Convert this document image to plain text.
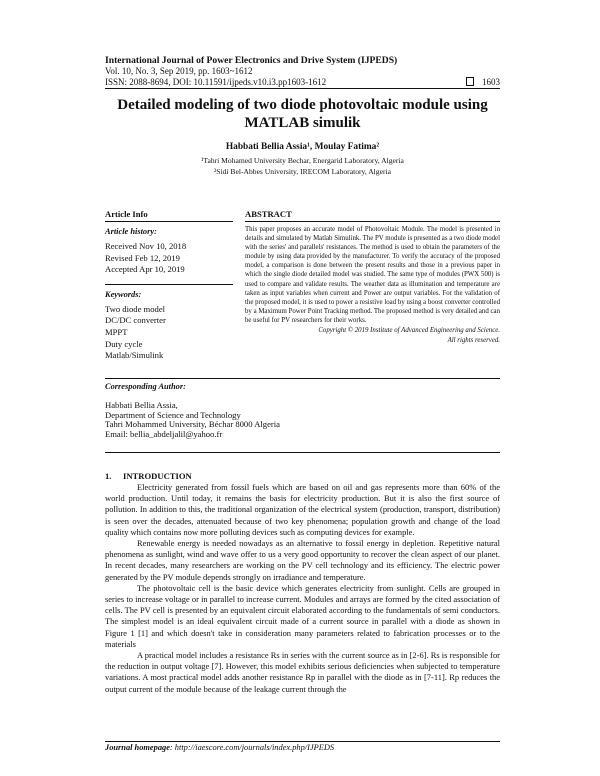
International Journal of Power Electronics and Drive System (IJPEDS)
Vol. 10, No. 3, Sep 2019, pp. 1603~1612
ISSN: 2088-8694, DOI: 10.11591/ijpeds.v10.i3.pp1603-1612	1603
Detailed modeling of two diode photovoltaic module using
MATLAB simulik
Habbati Bellia Assia¹, Moulay Fatima²
¹Tahri Mohamed University Bechar, Energarid Laboratory, Algeria
²Sidi Bel-Abbes University, IRECOM Laboratory, Algeria
Article Info
Article history:
Received Nov 10, 2018
Revised Feb 12, 2019
Accepted Apr 10, 2019
Keywords:
Two diode model
DC/DC converter
MPPT
Duty cycle
Matlab/Simulink
ABSTRACT
This paper proposes an accurate model of Photovoltaic Module. The model is presented in details and simulated by Matlab Simulink. The PV module is presented as a two diode model with the series' and parallels' resistances. The method is used to obtain the parameters of the module by using data provided by the manufacturer. To verify the accuracy of the proposed model, a comparison is done between the present results and those in a previous paper in which the single diode detailed model was studied. The same type of modules (PWX 500) is used to compare and validate results. The weather data as illumination and temperature are taken as input variables when current and Power are output variables. For the validation of the proposed model, it is used to power a resistive load by using a boost converter controlled by a Maximum Power Point Tracking method. The proposed method is very detailed and can be useful for PV researchers for their works.
Copyright © 2019 Institute of Advanced Engineering and Science.
All rights reserved.
Corresponding Author:
Habbati Bellia Assia,
Department of Science and Technology
Tahri Mohammed University, Béchar 8000 Algeria
Email: bellia_abdeljalil@yahoo.fr
1. INTRODUCTION

Electricity generated from fossil fuels which are based on oil and gas represents more than 60% of the world production. Until today, it remains the basis for electricity production. But it is also the first source of pollution. In addition to this, the traditional organization of the electrical system (production, transport, distribution) is seen over the decades, attenuated because of two key phenomena; population growth and change of the load quality which contains now more polluting devices such as computing devices for example.

Renewable energy is needed nowadays as an alternative to fossil energy in depletion. Repetitive natural phenomena as sunlight, wind and wave offer to us a very good opportunity to recover the clean aspect of our planet. In recent decades, many researchers are working on the PV cell technology and its efficiency. The electric power generated by the PV module depends strongly on irradiance and temperature.

The photovoltaic cell is the basic device which generates electricity from sunlight. Cells are grouped in series to increase voltage or in parallel to increase current. Modules and arrays are formed by the cited association of cells. The PV cell is presented by an equivalent circuit elaborated according to the fundamentals of semi conductors. The simplest model is an ideal equivalent circuit made of a current source in parallel with a diode as shown in Figure 1 [1] and which doesn't take in consideration many parameters related to fabrication processes or to the materials

A practical model includes a resistance Rs in series with the current source as in [2-6]. Rs is responsible for the reduction in output voltage [7]. However, this model exhibits serious deficiencies when subjected to temperature variations. A most practical model adds another resistance Rp in parallel with the diode as in [7-11]. Rp reduces the output current of the module because of the leakage current through the

Journal homepage: http://iaescore.com/journals/index.php/IJPEDS
